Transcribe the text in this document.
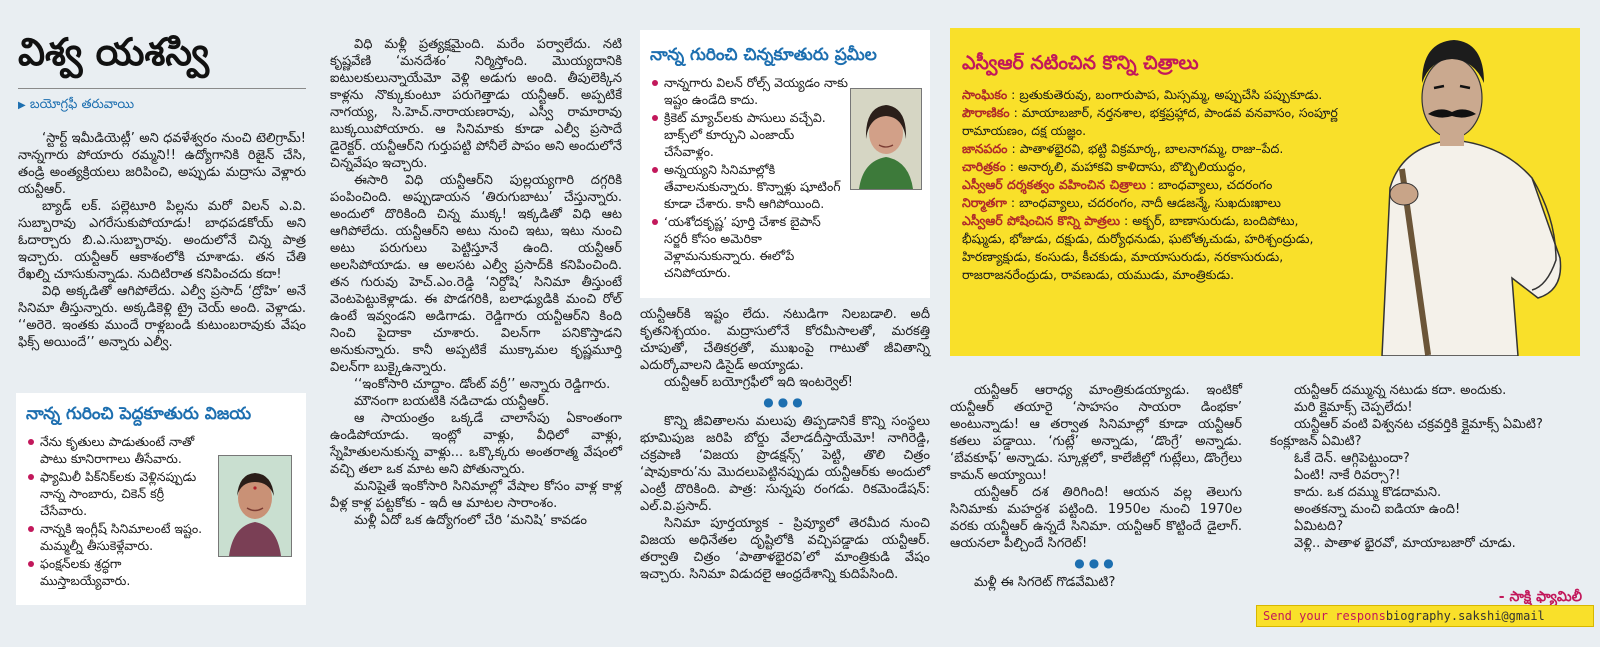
విశ్వ యశస్వి
▶ బయోగ్రఫీ తరువాయి

‘స్టార్ట్ ఇమీడియెట్లీ’ అని ధవళేశ్వరం నుంచి టెలిగ్రామ్! నాన్నగారు పోయారు రమ్మని!! ఉద్యోగానికి రిజైన్ చేసి, తండ్రి అంత్యక్రియలు జరిపించి, అప్పుడు మద్రాసు వెళ్లారు యన్టీఆర్.

బ్యాడ్ లక్. పల్లెటూరి పిల్లను మరో విలన్ ఎ.వి. సుబ్బారావు ఎగరేసుకుపోయాడు! బాధపడకోయ్ అని ఓదార్చారు బి.ఎ.సుబ్బారావు. అందులోనే చిన్న పాత్ర ఇచ్చారు. యన్టీఆర్ ఆకాశంలోకి చూశాడు. తన చేతి రేఖల్ని చూసుకున్నాడు. నుదిటిరాత కనిపించదు కదా!

విధి అక్కడితో ఆగిపోలేదు. ఎల్వీ ప్రసాద్ ‘ద్రోహి’ అనే సినిమా తీస్తున్నారు. అక్కడికెళ్లి ట్రై చెయ్ అంది. వెళ్లాడు. ‘‘అరెరె. ఇంతకు ముందే రాళ్లబండి కుటుంబరావుకు వేషం ఫిక్స్ అయిందే’’ అన్నారు ఎల్వీ.

నాన్న గురించి పెద్దకూతురు విజయ
నేను కృతులు పాడుతుంటే నాతో పాటు కూనిరాగాలు తీసేవారు.
ఫ్యామిలీ పిక్‌నిక్‌లకు వెళ్లినప్పుడు నాన్న సాంబారు, చికెన్ కర్రీ చేసేవారు.
నాన్నకి ఇంగ్లీష్ సినిమాలంటే ఇష్టం. మమ్మల్నీ తీసుకెళ్లేవారు.
ఫంక్షన్‌లకు శ్రద్ధగా ముస్తాబయ్యేవారు.

విధి మళ్లీ ప్రత్యక్షమైంది. మరేం పర్వాలేదు. నటి కృష్ణవేణి ‘మనదేశం’ నిర్మిస్తోంది. మొయ్యదానికి ఐటులకులున్నాయేమో వెళ్లి అడుగు అంది. తీపులెక్కిన కాళ్లను నొక్కుకుంటూ పరుగెత్తాడు యన్టీఆర్. అప్పటికే నాగయ్య, సి.హెచ్.నారాయణరావు, ఎస్వీ రామారావు బుక్కయిపోయారు. ఆ సినిమాకు కూడా ఎల్వీ ప్రసాదే డైరెక్టర్. యన్టీఆర్‌ని గుర్తుపట్టి పోనీలే పాపం అని అందులోనే చిన్నవేషం ఇచ్చారు.

ఈసారి విధి యన్టీఆర్‌ని పుల్లయ్యగారి దగ్గరికి పంపించింది. అప్పుడాయన ‘తిరుగుబాటు’ చేస్తున్నారు. అందులో దొరికింది చిన్న ముక్క! ఇక్కడితో విధి ఆట ఆగిపోలేదు. యన్టీఆర్‌ని అటు నుంచి ఇటు, ఇటు నుంచి అటు పరుగులు పెట్టిస్తూనే ఉంది. యన్టీఆర్ అలసిపోయాడు. ఆ అలసట ఎల్వీ ప్రసాద్‌కి కనిపించింది. తన గురువు హెచ్.ఎం.రెడ్డి ‘నిర్దోషి’ సినిమా తీస్తుంటే వెంటపెట్టుకెళ్లాడు. ఈ పొడగరికి, బలాఢ్యుడికి మంచి రోల్ ఉంటే ఇవ్వండని అడిగాడు. రెడ్డిగారు యన్టీఆర్‌ని కింది నించి పైదాకా చూశారు. విలన్‌గా పనికొస్తాడని అనుకున్నారు. కానీ అప్పటికే ముక్కామల కృష్ణమూర్తి విలన్‌గా బుక్కైఉన్నారు.

‘‘ఇంకోసారి చూద్దాం. డోంట్ వర్రీ’’ అన్నారు రెడ్డిగారు.

మౌనంగా బయటికి నడిచాడు యన్టీఆర్.

ఆ సాయంత్రం ఒక్కడే చాలాసేపు ఏకాంతంగా ఉండిపోయాడు. ఇంట్లో వాళ్లు, వీధిలో వాళ్లు, స్నేహితులనుకున్న వాళ్లు... ఒక్కొక్కరు అంతరాత్మ వేషంలో వచ్చి తలా ఒక మాట అని పోతున్నారు.

మనిషైతే ఇంకోసారి సినిమాల్లో వేషాల కోసం వాళ్ల కాళ్ల వీళ్ల కాళ్ల పట్టకోకు - ఇదీ ఆ మాటల సారాంశం.

మళ్లీ ఏదో ఒక ఉద్యోగంలో చేరి ‘మనిషి’ కావడం

నాన్న గురించి చిన్నకూతురు ప్రమీల
నాన్నగారు విలన్ రోల్స్ వెయ్యడం నాకు ఇష్టం ఉండేది కాదు.
క్రికెట్ మ్యాచ్‌లకు పాసులు వచ్చేవి. బాక్స్‌లో కూర్చుని ఎంజాయ్ చేసేవాళ్లం.
అన్నయ్యని సినిమాల్లోకి తేవాలనుకున్నారు. కొన్నాళ్లు షూటింగ్ కూడా చేశారు. కానీ ఆగిపోయింది.
‘యశోదకృష్ణ’ పూర్తి చేశాక బైపాస్ సర్జరీ కోసం అమెరికా వెళ్లామనుకున్నారు. ఈలోపే చనిపోయారు.

యన్టీఆర్‌కి ఇష్టం లేదు. నటుడిగా నిలబడాలి. అదీ కృతనిశ్చయం. మద్రాసులోనే కోరమీసాలతో, మరకత్తి చూపుతో, చేతికర్రతో, ముఖంపై గాటుతో జీవితాన్ని ఎదుర్కోవాలని డిసైడ్ అయ్యాడు.

యన్టీఆర్ బయోగ్రఫీలో ఇది ఇంటర్వెల్!

●●●

కొన్ని జీవితాలను మలుపు తిప్పడానికే కొన్ని సంస్థలు భూమిపుజ జరిపి బోర్డు వేలాడదీస్తాయేమో! నాగిరెడ్డి, చక్రపాణి ‘విజయ ప్రొడక్షన్స్’ పెట్టి, తొలి చిత్రం ‘షావుకారు’ను మొదలుపెట్టినప్పుడు యన్టీఆర్‌కు అందులో ఎంట్రీ దొరికింది. పాత్ర: సున్నపు రంగడు. రికమెండేషన్: ఎల్.వి.ప్రసాద్.

సినిమా పూర్తయ్యాక - ప్రివ్యూలో తెరమీద నుంచి విజయ అధినేతల దృష్టిలోకి వచ్చిపడ్డాడు యన్టీఆర్. తర్వాతి చిత్రం ‘పాతాళభైరవి’లో మాంత్రికుడి వేషం ఇచ్చారు. సినిమా విడుదలై ఆంధ్రదేశాన్ని కుదిపేసింది.

ఎస్వీఆర్ నటించిన కొన్ని చిత్రాలు

సాంఘికం : బ్రతుకుతెరువు, బంగారుపాప, మిస్సమ్మ, అప్పుచేసి పప్పుకూడు.

పౌరాణికం : మాయాబజార్, నర్తనశాల, భక్తప్రహ్లాద, పాండవ వనవాసం, సంపూర్ణ రామాయణం, దక్ష యజ్ఞం.

జానపదం : పాతాళభైరవి, భట్టి విక్రమార్క, బాలనాగమ్మ, రాజు–పేద.

చారిత్రకం : అనార్కలి, మహాకవి కాళిదాసు, బొబ్బిలియుద్ధం,

ఎస్వీఆర్ దర్శకత్వం వహించిన చిత్రాలు : బాంధవ్యాలు, చదరంగం

నిర్మాతగా : బాంధవ్యాలు, చదరంగం, నాదీ ఆడజన్మే, సుఖదుఃఖాలు

ఎస్వీఆర్ పోషించిన కొన్ని పాత్రలు : అక్బర్, బాణాసురుడు, బందిపోటు, భీష్ముడు, భోజుడు, దక్షుడు, దుర్యోధనుడు, ఘటోత్కచుడు, హరిశ్చంద్రుడు, హిరణ్యాక్షుడు, కంసుడు, కీచకుడు, మాయాసురుడు, నరకాసురుడు, రాజరాజనరేంద్రుడు, రావణుడు, యముడు, మాంత్రికుడు.

యన్టీఆర్ ఆరాధ్య మాంత్రికుడయ్యాడు. ఇంటికో యన్టీఆర్ తయారై ‘సాహసం సాయరా డింభకా’ అంటున్నాడు! ఆ తర్వాత సినిమాల్లో కూడా యన్టీఆర్ కతలు పడ్డాయి. ‘గుట్లే’ అన్నాడు, ‘డొంగ్రే’ అన్నాడు. ‘బేవకూఫ్’ అన్నాడు. స్కూళ్లలో, కాలేజీల్లో గుట్లేలు, డొంగ్రేలు కామన్ అయ్యాయి!

యన్టీఆర్ దశ తిరిగింది! ఆయన వల్ల తెలుగు సినిమాకు మహర్దశ పట్టింది. 1950ల నుంచి 1970ల వరకు యన్టీఆర్ ఉన్నదే సినిమా. యన్టీఆర్ కొట్టిందే డైలాగ్. ఆయనలా పీల్చిందే సిగరెట్!

●●●

మళ్లీ ఈ సిగరెట్ గొడవేమిటి?

యన్టీఆర్ దమ్మున్న నటుడు కదా. అందుకు.

మరి క్లైమాక్స్ చెప్పలేదు!

యన్టీఆర్ వంటి విశ్వనట చక్రవర్తికి క్లైమాక్స్ ఏమిటి? కంక్లూజన్ ఏమిటి?

ఓకే దెన్. ఆగ్గిపెట్టుందా?

ఏంటి! నాకే రివర్సా?!

కాదు. ఒక దమ్ము కొడదామని.

అంతకన్నా మంచి ఐడియా ఉంది!

ఏమిటది?

వెళ్లి.. పాతాళ భైరవో, మాయాబజారో చూడు.

- సాక్షి ఫ్యామిలీ
Send your responsbiography.sakshi@gmail
